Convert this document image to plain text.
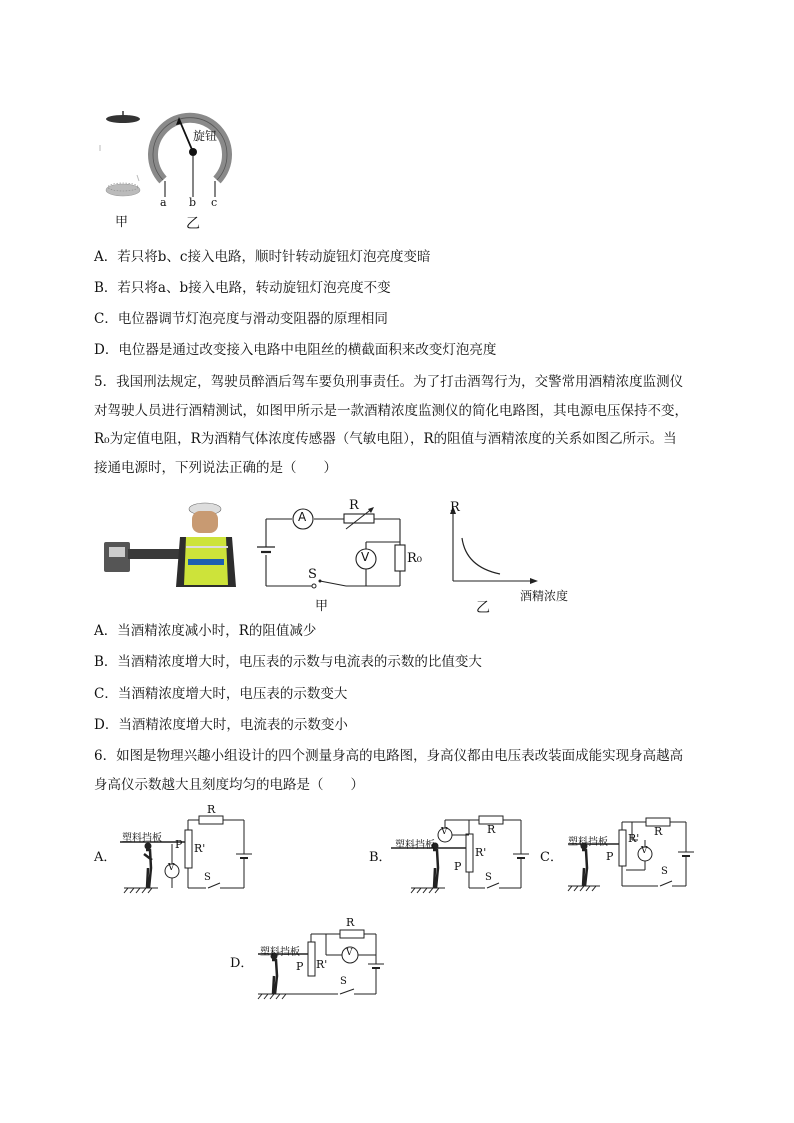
旋钮
a b c
甲	乙
A．若只将b、c接入电路，顺时针转动旋钮灯泡亮度变暗
B．若只将a、b接入电路，转动旋钮灯泡亮度不变
C．电位器调节灯泡亮度与滑动变阻器的原理相同
D．电位器是通过改变接入电路中电阻丝的横截面积来改变灯泡亮度
5．我国刑法规定，驾驶员醉酒后驾车要负刑事责任。为了打击酒驾行为，交警常用酒精浓度监测仪
对驾驶人员进行酒精测试，如图甲所示是一款酒精浓度监测仪的简化电路图，其电源电压保持不变，
R₀为定值电阻，R为酒精气体浓度传感器（气敏电阻），R的阻值与酒精浓度的关系如图乙所示。当
接通电源时，下列说法正确的是（　　）
A
R
V	R₀
S
甲
R
酒精浓度
乙
A．当酒精浓度减小时，R的阻值减少
B．当酒精浓度增大时，电压表的示数与电流表的示数的比值变大
C．当酒精浓度增大时，电压表的示数变大
D．当酒精浓度增大时，电流表的示数变小
6．如图是物理兴趣小组设计的四个测量身高的电路图，身高仪都由电压表改装面成能实现身高越高
身高仪示数越大且刻度均匀的电路是（　　）
A．
塑料挡板 P R'
R
V
S
B．
塑料挡板
P
R'
R
V
S
C．
塑料挡板
P
R'
R
V
S
D．
塑料挡板
P R'
R
V
S
